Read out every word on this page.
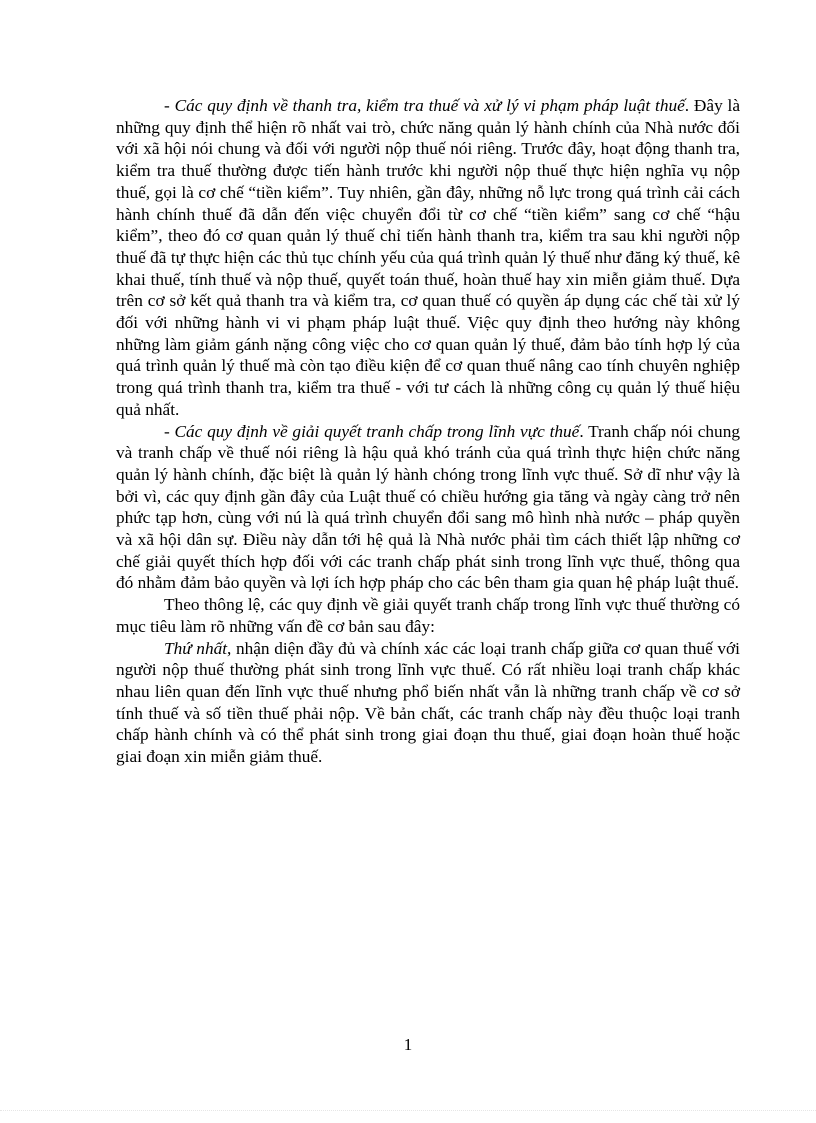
- Các quy định về thanh tra, kiểm tra thuế và xử lý vi phạm pháp luật thuế. Đây là những quy định thể hiện rõ nhất vai trò, chức năng quản lý hành chính của Nhà nước đối với xã hội nói chung và đối với người nộp thuế nói riêng. Trước đây, hoạt động thanh tra, kiểm tra thuế thường được tiến hành trước khi người nộp thuế thực hiện nghĩa vụ nộp thuế, gọi là cơ chế “tiền kiểm”. Tuy nhiên, gần đây, những nỗ lực trong quá trình cải cách hành chính thuế đã dẫn đến việc chuyển đổi từ cơ chế “tiền kiểm” sang cơ chế “hậu kiểm”, theo đó cơ quan quản lý thuế chỉ tiến hành thanh tra, kiểm tra sau khi người nộp thuế đã tự thực hiện các thủ tục chính yếu của quá trình quản lý thuế như đăng ký thuế, kê khai thuế, tính thuế và nộp thuế, quyết toán thuế, hoàn thuế hay xin miễn giảm thuế. Dựa trên cơ sở kết quả thanh tra và kiểm tra, cơ quan thuế có quyền áp dụng các chế tài xử lý đối với những hành vi vi phạm pháp luật thuế. Việc quy định theo hướng này không những làm giảm gánh nặng công việc cho cơ quan quản lý thuế, đảm bảo tính hợp lý của quá trình quản lý thuế mà còn tạo điều kiện để cơ quan thuế nâng cao tính chuyên nghiệp trong quá trình thanh tra, kiểm tra thuế - với tư cách là những công cụ quản lý thuế hiệu quả nhất.

- Các quy định về giải quyết tranh chấp trong lĩnh vực thuế. Tranh chấp nói chung và tranh chấp về thuế nói riêng là hậu quả khó tránh của quá trình thực hiện chức năng quản lý hành chính, đặc biệt là quản lý hành chóng trong lĩnh vực thuế. Sở dĩ như vậy là bởi vì, các quy định gần đây của Luật thuế có chiều hướng gia tăng và ngày càng trở nên phức tạp hơn, cùng với nú là quá trình chuyển đổi sang mô hình nhà nước – pháp quyền và xã hội dân sự. Điều này dẫn tới hệ quả là Nhà nước phải tìm cách thiết lập những cơ chế giải quyết thích hợp đối với các tranh chấp phát sinh trong lĩnh vực thuế, thông qua đó nhằm đảm bảo quyền và lợi ích hợp pháp cho các bên tham gia quan hệ pháp luật thuế.

Theo thông lệ, các quy định về giải quyết tranh chấp trong lĩnh vực thuế thường có mục tiêu làm rõ những vấn đề cơ bản sau đây:

Thứ nhất, nhận diện đầy đủ và chính xác các loại tranh chấp giữa cơ quan thuế với người nộp thuế thường phát sinh trong lĩnh vực thuế. Có rất nhiều loại tranh chấp khác nhau liên quan đến lĩnh vực thuế nhưng phổ biến nhất vẫn là những tranh chấp về cơ sở tính thuế và số tiền thuế phải nộp. Về bản chất, các tranh chấp này đều thuộc loại tranh chấp hành chính và có thể phát sinh trong giai đoạn thu thuế, giai đoạn hoàn thuế hoặc giai đoạn xin miễn giảm thuế.

1
